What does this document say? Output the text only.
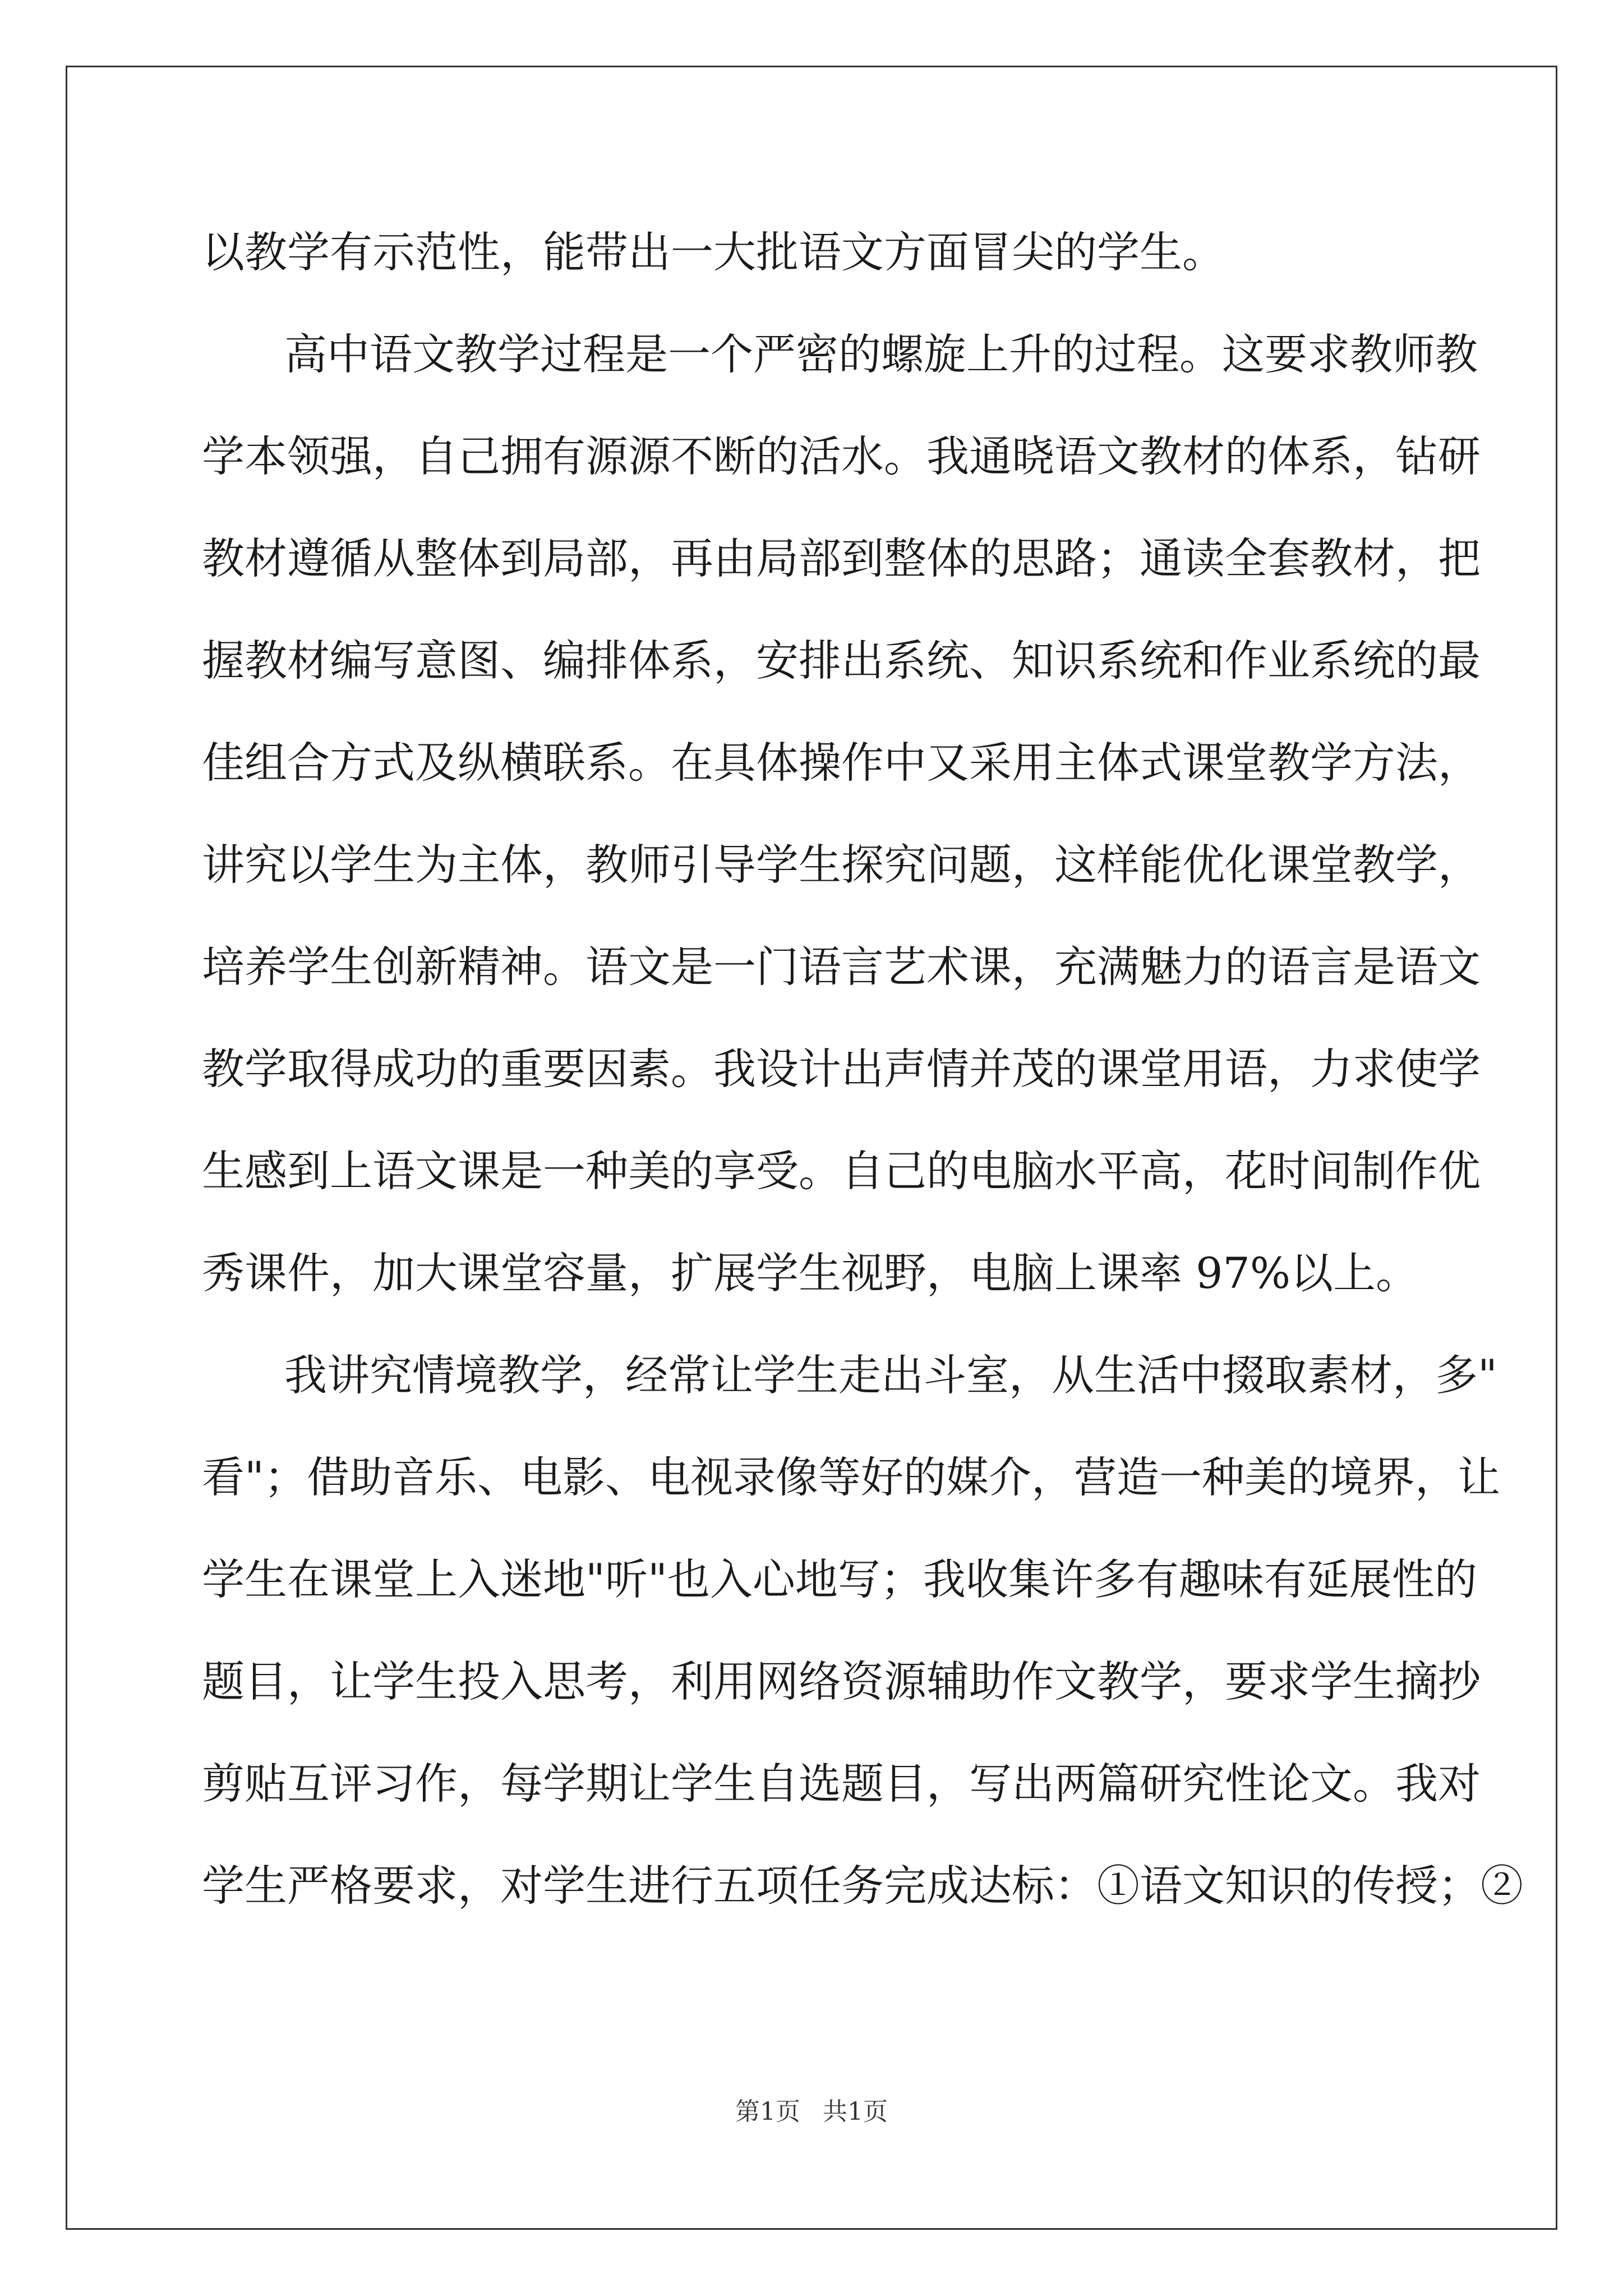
以教学有示范性，能带出一大批语文方面冒尖的学生。
高中语文教学过程是一个严密的螺旋上升的过程。这要求教师教
学本领强，自己拥有源源不断的活水。我通晓语文教材的体系，钻研
教材遵循从整体到局部，再由局部到整体的思路；通读全套教材，把
握教材编写意图、编排体系，安排出系统、知识系统和作业系统的最
佳组合方式及纵横联系。在具体操作中又采用主体式课堂教学方法，
讲究以学生为主体，教师引导学生探究问题，这样能优化课堂教学，
培养学生创新精神。语文是一门语言艺术课，充满魅力的语言是语文
教学取得成功的重要因素。我设计出声情并茂的课堂用语，力求使学
生感到上语文课是一种美的享受。自己的电脑水平高，花时间制作优
秀课件，加大课堂容量，扩展学生视野，电脑上课率 97%以上。
我讲究情境教学，经常让学生走出斗室，从生活中掇取素材，多"
看"；借助音乐、电影、电视录像等好的媒介，营造一种美的境界，让
学生在课堂上入迷地"听"也入心地写；我收集许多有趣味有延展性的
题目，让学生投入思考，利用网络资源辅助作文教学，要求学生摘抄
剪贴互评习作，每学期让学生自选题目，写出两篇研究性论文。我对
学生严格要求，对学生进行五项任务完成达标：①语文知识的传授；②
第1页 共1页
